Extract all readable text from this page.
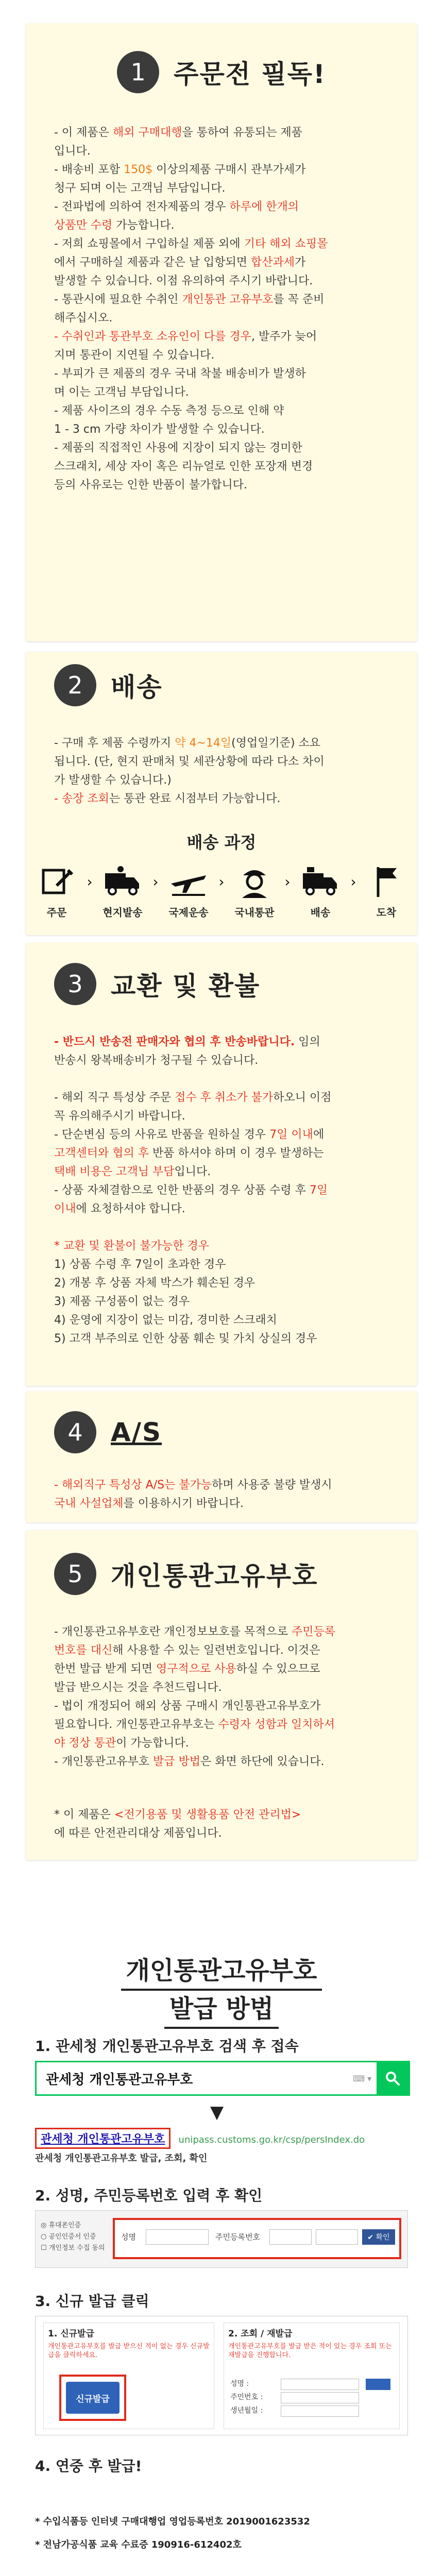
1	주문전 필독!

- 이 제품은 해외 구매대행을 통하여 유통되는 제품

입니다.

- 배송비 포함 150$ 이상의제품 구매시 관부가세가

청구 되며 이는 고객님 부담입니다.

- 전파법에 의하여 전자제품의 경우 하루에 한개의

상품만 수령 가능합니다.

- 저희 쇼핑몰에서 구입하실 제품 외에 기타 해외 쇼핑몰

에서 구매하실 제품과 같은 날 입항되면 합산과세가

발생할 수 있습니다. 이점 유의하여 주시기 바랍니다.

- 통관시에 필요한 수취인 개인통관 고유부호를 꼭 준비

해주십시오.

- 수취인과 통관부호 소유인이 다를 경우, 발주가 늦어

지며 통관이 지연될 수 있습니다.

- 부피가 큰 제품의 경우 국내 착불 배송비가 발생하

며 이는 고객님 부담입니다.

- 제품 사이즈의 경우 수동 측정 등으로 인해 약

1 - 3 cm 가량 차이가 발생할 수 있습니다.

- 제품의 직접적인 사용에 지장이 되지 않는 경미한

스크래치, 세상 자이 혹은 리뉴얼로 인한 포장재 변경

등의 사유로는 인한 반품이 불가합니다.

2	배송

- 구매 후 제품 수령까지 약 4~14일(영업일기준) 소요

됩니다. (단, 현지 판매처 및 세관상황에 따라 다소 차이

가 발생할 수 있습니다.)

- 송장 조회는 통관 완료 시점부터 가능합니다.

배송 과정
주문
›
현지발송
›
국제운송
›
국내통관
›
배송
›
도착
3	교환 및 환불

- 반드시 반송전 판매자와 협의 후 반송바랍니다. 임의

반송시 왕복배송비가 청구될 수 있습니다.

- 해외 직구 특성상 주문 접수 후 취소가 불가하오니 이점

꼭 유의해주시기 바랍니다.

- 단순변심 등의 사유로 반품을 원하실 경우 7일 이내에

고객센터와 협의 후 반품 하셔야 하며 이 경우 발생하는

택배 비용은 고객님 부담입니다.

- 상품 자체결함으로 인한 반품의 경우 상품 수령 후 7일

이내에 요청하셔야 합니다.

* 교환 및 환불이 불가능한 경우

1) 상품 수령 후 7일이 초과한 경우

2) 개봉 후 상품 자체 박스가 훼손된 경우

3) 제품 구성품이 없는 경우

4) 운영에 지장이 없는 미감, 경미한 스크래치

5) 고객 부주의로 인한 상품 훼손 및 가치 상실의 경우

4	A/S

- 해외직구 특성상 A/S는 불가능하며 사용중 불량 발생시

국내 사설업체를 이용하시기 바랍니다.

5	개인통관고유부호

- 개인통관고유부호란 개인정보보호를 목적으로 주민등록

번호를 대신해 사용할 수 있는 일련번호입니다. 이것은

한번 발급 받게 되면 영구적으로 사용하실 수 있으므로

발급 받으시는 것을 추천드립니다.

- 법이 개정되어 해외 상품 구매시 개인통관고유부호가

필요합니다. 개인통관고유부호는 수령자 성함과 일치하셔

야 정상 통관이 가능합니다.

- 개인통관고유부호 발급 방법은 화면 하단에 있습니다.

* 이 제품은 <전기용품 및 생활용품 안전 관리법>

에 따른 안전관리대상 제품입니다.

개인통관고유부호
발급 방법
1. 관세청 개인통관고유부호 검색 후 접속
관세청 개인통관고유부호	⌨ ▾
▼
관세청 개인통관고유부호 unipass.customs.go.kr/csp/persIndex.do
관세청 개인통관고유부호 발급, 조회, 확인
2. 성명, 주민등록번호 입력 후 확인
◎ 휴대폰인증
○ 공인인증서 인증
☐ 개인정보 수집 동의
성명	주민등록번호	✔ 확인
3. 신규 발급 클릭
1. 신규발급
개인통관고유부호를 발급 받으신 적이 없는 경우 신규발급을 클릭하세요.
신규발급
2. 조회 / 재발급
개인통관고유부호를 발급 받은 적이 있는 경우 조회 또는 재발급을 진행합니다.
성명 :
주민번호 :
생년월일 :
4. 연중 후 발급!
* 수입식품등 인터넷 구매대행업 영업등록번호 2019001623532
* 전남가공식품 교육 수료증 190916-612402호
